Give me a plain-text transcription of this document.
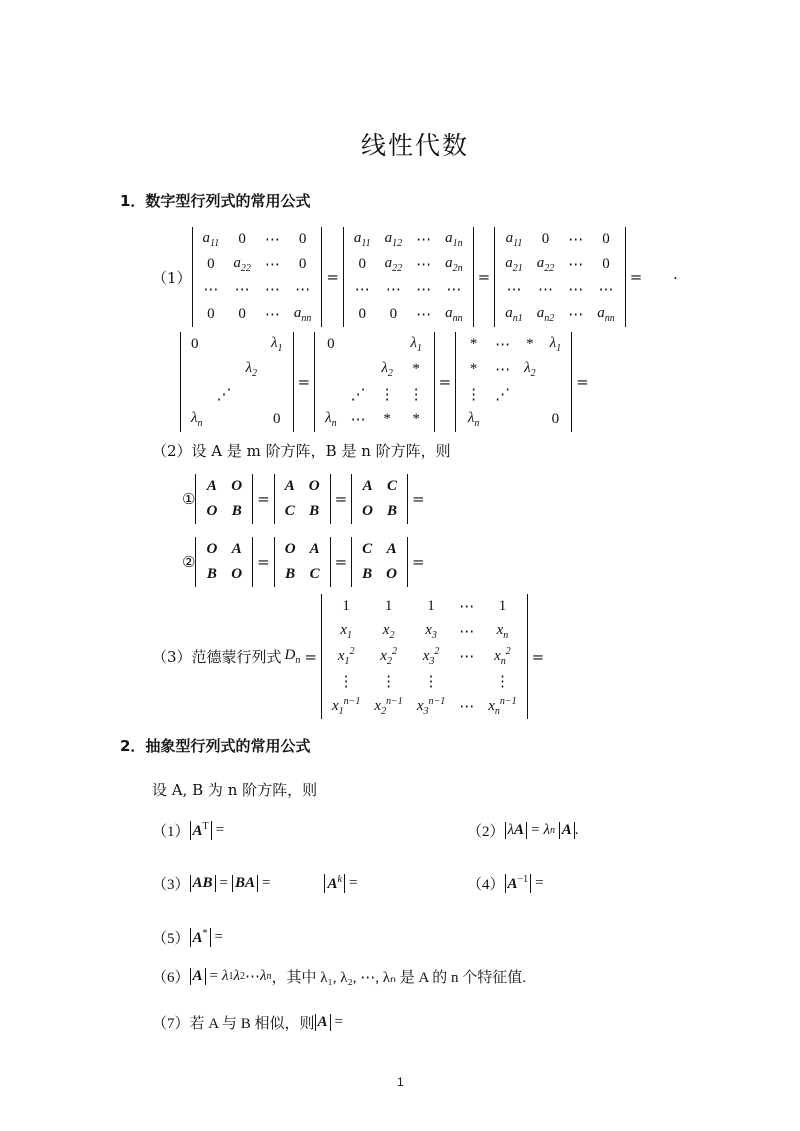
线性代数
1．数字型行列式的常用公式
（1）
$a_{11}$	0	⋯	0
0	$a_{22}$	⋯	0
⋯	⋯	⋯	⋯
0	0	⋯	$a_{nn}$
=
$a_{11}$	$a_{12}$	⋯	$a_{1n}$
0	$a_{22}$	⋯	$a_{2n}$
⋯	⋯	⋯	⋯
0	0	⋯	$a_{nn}$
=
$a_{11}$	0	⋯	0
$a_{21}$	$a_{22}$	⋯	0
⋯	⋯	⋯	⋯
$a_{n1}$	$a_{n2}$	⋯	$a_{nn}$
= .
0			$\lambda_1$
		$\lambda_2$	
	⋰		
$\lambda_n$			0
=
0			$\lambda_1$
		$\lambda_2$	*
	⋰	⋮	⋮
$\lambda_n$	⋯	*	*
=
*	⋯	*	$\lambda_1$
*	⋯	$\lambda_2$	
⋮	⋰		
$\lambda_n$			0
=
（2）设 A 是 m 阶方阵，B 是 n 阶方阵，则
①
A	O
O	B
=
A	O
C	B
=
A	C
O	B
=
②
O	A
B	O
=
O	A
B	C
=
C	A
B	O
=
（3）范德蒙行列式 $D_n$ =
1	1	1	⋯	1
$x_1$	$x_2$	$x_3$	⋯	$x_n$
$x_1^2$	$x_2^2$	$x_3^2$	⋯	$x_n^2$
⋮	⋮	⋮		⋮
$x_1^{n-1}$	$x_2^{n-1}$	$x_3^{n-1}$	⋯	$x_n^{n-1}$
=
2．抽象型行列式的常用公式
设 A, B 为 n 阶方阵，则
（1） $A^T$ =	（2） λA = λ n
A .
（3） AB = BA =	$A^k$ =	（4） $A^{-1}$ =
（5） A* =
（6） A = λ 1 λ 2 ⋯ λ n ，其中 λ₁, λ₂, ⋯, λₙ 是 A 的 n 个特征值.
（7）若 A 与 B 相似，则 A =
1
